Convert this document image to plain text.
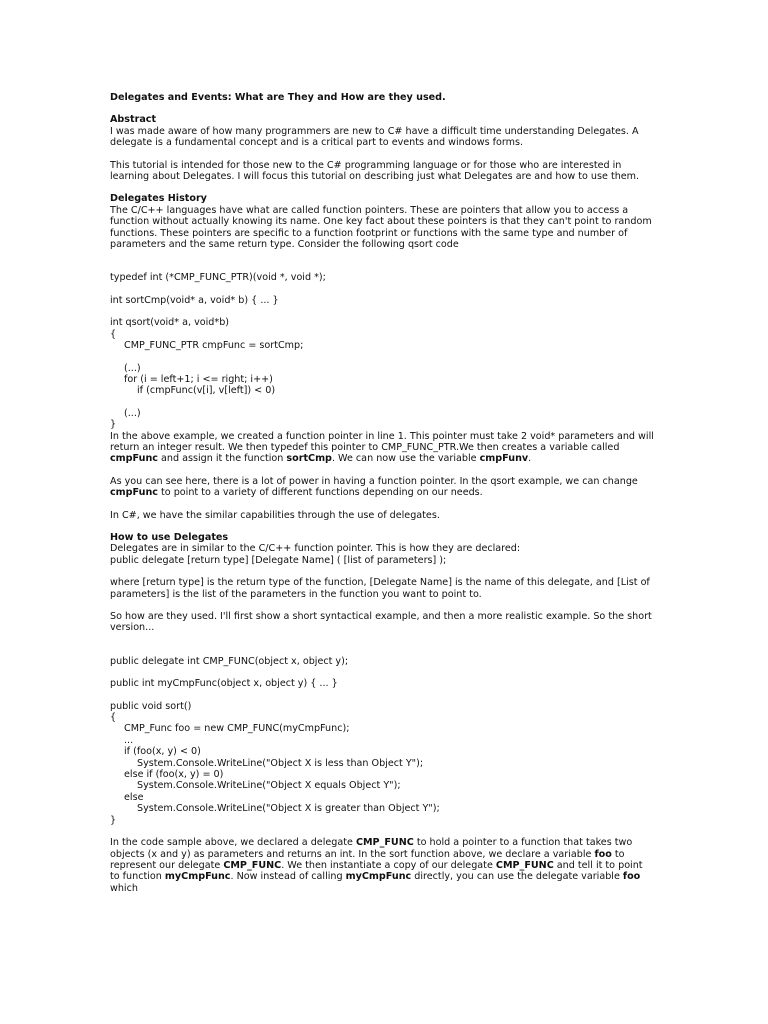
Delegates and Events: What are They and How are they used.
Abstract

I was made aware of how many programmers are new to C# have a difficult time understanding Delegates. A delegate is a fundamental concept and is a critical part to events and windows forms.

This tutorial is intended for those new to the C# programming language or for those who are interested in learning about Delegates. I will focus this tutorial on describing just what Delegates are and how to use them.

Delegates History

The C/C++ languages have what are called function pointers. These are pointers that allow you to access a function without actually knowing its name. One key fact about these pointers is that they can't point to random functions. These pointers are specific to a function footprint or functions with the same type and number of parameters and the same return type. Consider the following qsort code

typedef int (*CMP_FUNC_PTR)(void *, void *);
int sortCmp(void* a, void* b) { ... }
int qsort(void* a, void*b)
{
CMP_FUNC_PTR cmpFunc = sortCmp;
(...)
for (i = left+1; i <= right; i++)
if (cmpFunc(v[i], v[left]) < 0)
(...)
}

In the above example, we created a function pointer in line 1. This pointer must take 2 void* parameters and will return an integer result. We then typedef this pointer to CMP_FUNC_PTR.We then creates a variable called cmpFunc and assign it the function sortCmp. We can now use the variable cmpFunv.

As you can see here, there is a lot of power in having a function pointer. In the qsort example, we can change cmpFunc to point to a variety of different functions depending on our needs.

In C#, we have the similar capabilities through the use of delegates.

How to use Delegates

Delegates are in similar to the C/C++ function pointer. This is how they are declared:

public delegate [return type] [Delegate Name] ( [list of parameters] );

where [return type] is the return type of the function, [Delegate Name] is the name of this delegate, and [List of parameters] is the list of the parameters in the function you want to point to.

So how are they used. I'll first show a short syntactical example, and then a more realistic example. So the short version...

public delegate int CMP_FUNC(object x, object y);
public int myCmpFunc(object x, object y) { ... }
public void sort()
{
CMP_Func foo = new CMP_FUNC(myCmpFunc);
...
if (foo(x, y) < 0)
System.Console.WriteLine("Object X is less than Object Y");
else if (foo(x, y) = 0)
System.Console.WriteLine("Object X equals Object Y");
else
System.Console.WriteLine("Object X is greater than Object Y");
}

In the code sample above, we declared a delegate CMP_FUNC to hold a pointer to a function that takes two objects (x and y) as parameters and returns an int. In the sort function above, we declare a variable foo to represent our delegate CMP_FUNC. We then instantiate a copy of our delegate CMP_FUNC and tell it to point to function myCmpFunc. Now instead of calling myCmpFunc directly, you can use the delegate variable foo which
